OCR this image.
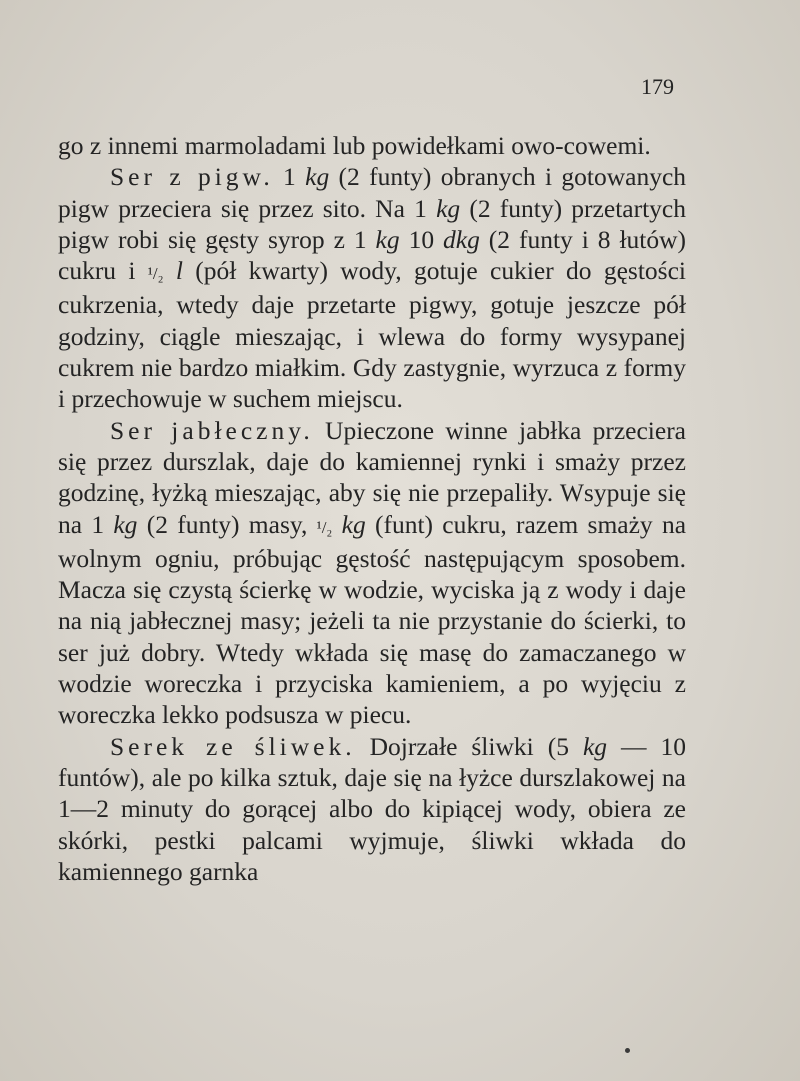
179

go z innemi marmoladami lub powidełkami owo-cowemi.

Ser z pigw. 1 kg (2 funty) obranych i gotowanych pigw przeciera się przez sito. Na 1 kg (2 funty) przetartych pigw robi się gęsty syrop z 1 kg 10 dkg (2 funty i 8 łutów) cukru i ¹/₂ l (pół kwarty) wody, gotuje cukier do gęstości cukrzenia, wtedy daje przetarte pigwy, gotuje jeszcze pół godziny, ciągle mieszając, i wlewa do formy wysypanej cukrem nie bardzo miałkim. Gdy zastygnie, wyrzuca z formy i przechowuje w suchem miejscu.

Ser jabłeczny. Upieczone winne jabłka przeciera się przez durszlak, daje do kamiennej rynki i smaży przez godzinę, łyżką mieszając, aby się nie przepaliły. Wsypuje się na 1 kg (2 funty) masy, ¹/₂ kg (funt) cukru, razem smaży na wolnym ogniu, próbując gęstość następującym sposobem. Macza się czystą ścierkę w wodzie, wyciska ją z wody i daje na nią jabłecznej masy; jeżeli ta nie przystanie do ścierki, to ser już dobry. Wtedy wkłada się masę do zamaczanego w wodzie woreczka i przyciska kamieniem, a po wyjęciu z woreczka lekko podsusza w piecu.

Serek ze śliwek. Dojrzałe śliwki (5 kg — 10 funtów), ale po kilka sztuk, daje się na łyżce durszlakowej na 1—2 minuty do gorącej albo do kipiącej wody, obiera ze skórki, pestki palcami wyjmuje, śliwki wkłada do kamiennego garnka
